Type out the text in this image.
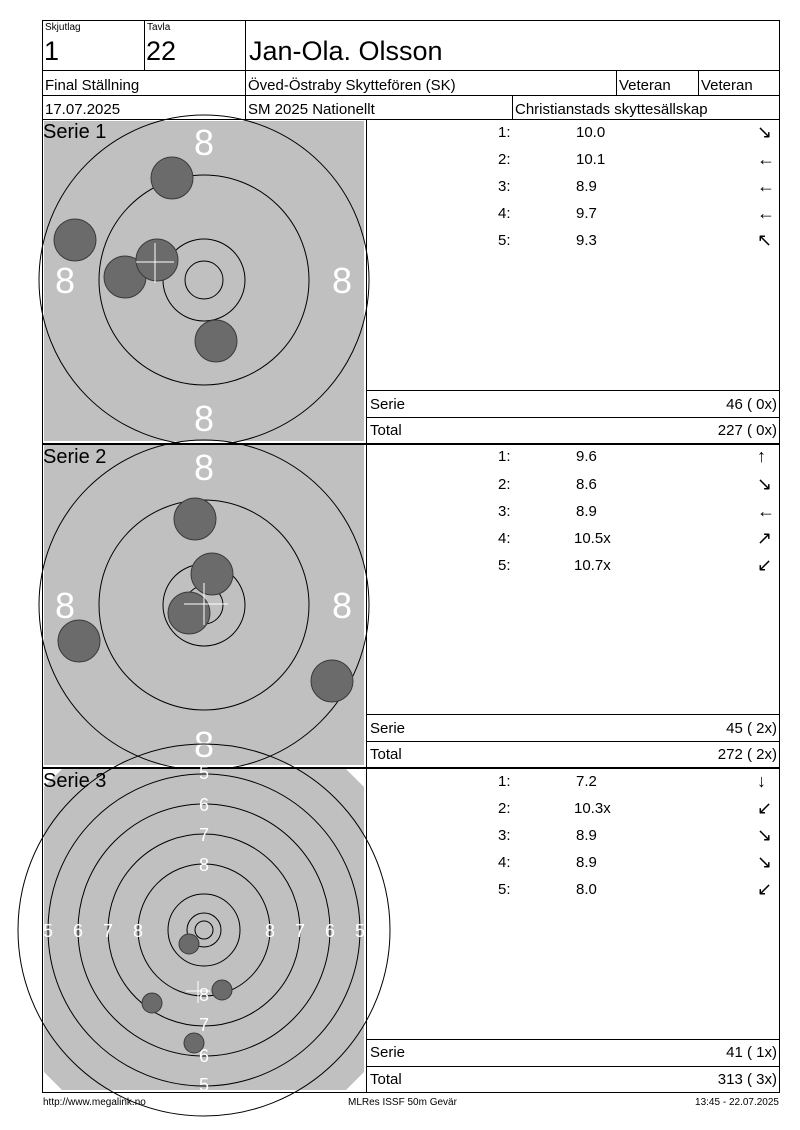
Skjutlag
1
Tavla
22	Jan-Ola. Olsson
Final Ställning	Öved-Östraby Skyttefören (SK)	Veteran Veteran
17.07.2025	SM 2025 Nationellt	Christianstads skyttesällskap
8
8
8	8
Serie 1	1:	10.0	↘
2:	10.1	←
3:	8.9	←
4:	9.7	←
5:	9.3	↖
Serie	46 ( 0x)
Total	227 ( 0x)
8
8
8	8
Serie 2	1:	9.6	↑
2:	8.6	↘
3:	8.9	←
4:	10.5x	↗
5:	10.7x	↙
Serie	45 ( 2x)
Total	272 ( 2x)
5
6
7
8
8
7
6
5
5 6 7 8	8 7 6 5
Serie 3	1:	7.2	↓
2:	10.3x	↙
3:	8.9	↘
4:	8.9	↘
5:	8.0	↙
Serie	41 ( 1x)
Total	313 ( 3x)
http://www.megalink.no	MLRes ISSF 50m Gevär	13:45 - 22.07.2025
